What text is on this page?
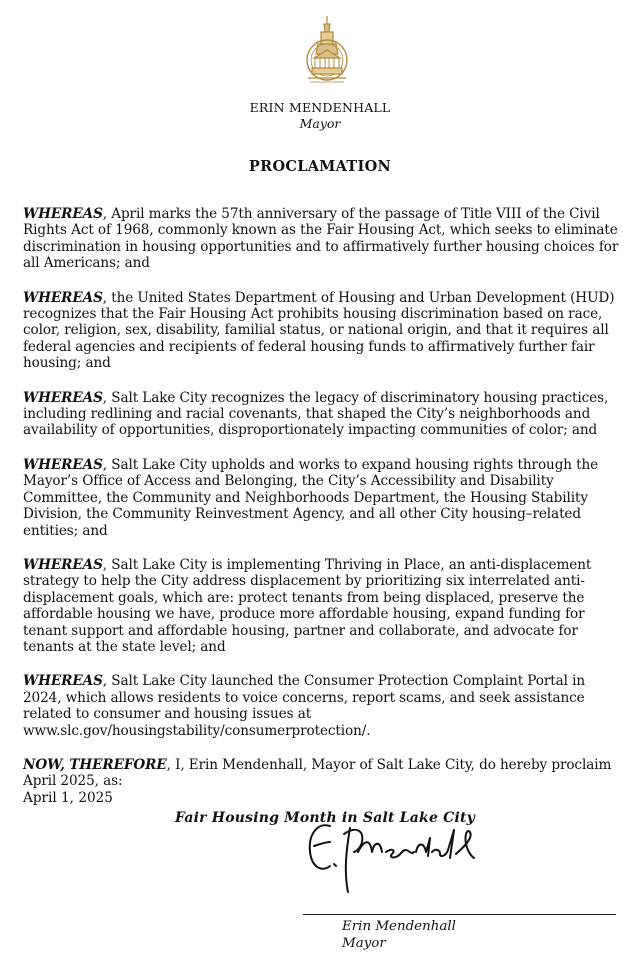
ERIN MENDENHALL
Mayor
PROCLAMATION

WHEREAS, April marks the 57th anniversary of the passage of Title VIII of the Civil Rights Act of 1968, commonly known as the Fair Housing Act, which seeks to eliminate discrimination in housing opportunities and to affirmatively further housing choices for all Americans; and

WHEREAS, the United States Department of Housing and Urban Development (HUD) recognizes that the Fair Housing Act prohibits housing discrimination based on race, color, religion, sex, disability, familial status, or national origin, and that it requires all federal agencies and recipients of federal housing funds to affirmatively further fair housing; and

WHEREAS, Salt Lake City recognizes the legacy of discriminatory housing practices, including redlining and racial covenants, that shaped the City’s neighborhoods and availability of opportunities, disproportionately impacting communities of color; and

WHEREAS, Salt Lake City upholds and works to expand housing rights through the Mayor’s Office of Access and Belonging, the City’s Accessibility and Disability Committee, the Community and Neighborhoods Department, the Housing Stability Division, the Community Reinvestment Agency, and all other City housing–related entities; and

WHEREAS, Salt Lake City is implementing Thriving in Place, an anti-displacement strategy to help the City address displacement by prioritizing six interrelated anti-displacement goals, which are: protect tenants from being displaced, preserve the affordable housing we have, produce more affordable housing, expand funding for tenant support and affordable housing, partner and collaborate, and advocate for tenants at the state level; and

WHEREAS, Salt Lake City launched the Consumer Protection Complaint Portal in 2024, which allows residents to voice concerns, report scams, and seek assistance related to consumer and housing issues at www.slc.gov/housingstability/consumerprotection/.

NOW, THEREFORE, I, Erin Mendenhall, Mayor of Salt Lake City, do hereby proclaim April 2025, as:

Fair Housing Month in Salt Lake City

April 1, 2025
Erin Mendenhall
Mayor
